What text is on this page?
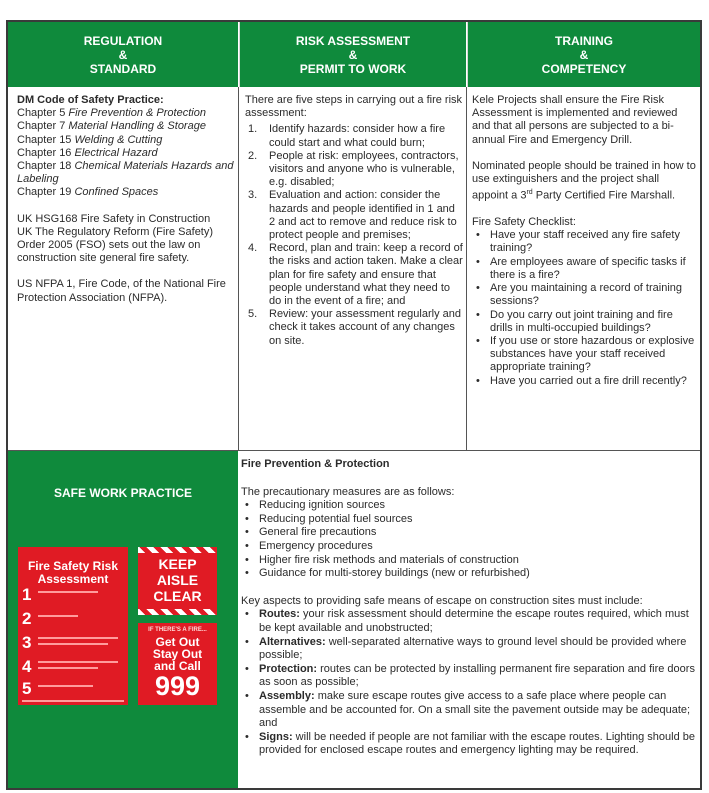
REGULATION
&
STANDARD
RISK ASSESSMENT
&
PERMIT TO WORK
TRAINING
&
COMPETENCY

DM Code of Safety Practice:

Chapter 5 Fire Prevention & Protection

Chapter 7 Material Handling & Storage

Chapter 15 Welding & Cutting

Chapter 16 Electrical Hazard

Chapter 18 Chemical Materials Hazards and Labeling

Chapter 19 Confined Spaces

UK HSG168 Fire Safety in Construction

UK The Regulatory Reform (Fire Safety) Order 2005 (FSO) sets out the law on construction site general fire safety.

US NFPA 1, Fire Code, of the National Fire Protection Association (NFPA).

There are five steps in carrying out a fire risk assessment:

1. Identify hazards: consider how a fire could start and what could burn;
2. People at risk: employees, contractors, visitors and anyone who is vulnerable, e.g. disabled;
3. Evaluation and action: consider the hazards and people identified in 1 and 2 and act to remove and reduce risk to protect people and premises;
4. Record, plan and train: keep a record of the risks and action taken. Make a clear plan for fire safety and ensure that people understand what they need to do in the event of a fire; and
5. Review: your assessment regularly and check it takes account of any changes on site.

Kele Projects shall ensure the Fire Risk Assessment is implemented and reviewed and that all persons are subjected to a bi-annual Fire and Emergency Drill.

Nominated people should be trained in how to use extinguishers and the project shall appoint a 3rd Party Certified Fire Marshall.

Fire Safety Checklist:

• Have your staff received any fire safety training?
• Are employees aware of specific tasks if there is a fire?
• Are you maintaining a record of training sessions?
• Do you carry out joint training and fire drills in multi-occupied buildings?
• If you use or store hazardous or explosive substances have your staff received appropriate training?
• Have you carried out a fire drill recently?
SAFE WORK PRACTICE
Fire Safety Risk Assessment
1
2
3
4
5
KEEP
AISLE
CLEAR
IF THERE'S A FIRE...
Get Out
Stay Out
and Call
999

Fire Prevention & Protection

The precautionary measures are as follows:

• Reducing ignition sources
• Reducing potential fuel sources
• General fire precautions
• Emergency procedures
• Higher fire risk methods and materials of construction
• Guidance for multi-storey buildings (new or refurbished)

Key aspects to providing safe means of escape on construction sites must include:

• Routes: your risk assessment should determine the escape routes required, which must be kept available and unobstructed;
• Alternatives: well-separated alternative ways to ground level should be provided where possible;
• Protection: routes can be protected by installing permanent fire separation and fire doors as soon as possible;
• Assembly: make sure escape routes give access to a safe place where people can assemble and be accounted for. On a small site the pavement outside may be adequate; and
• Signs: will be needed if people are not familiar with the escape routes. Lighting should be provided for enclosed escape routes and emergency lighting may be required.
